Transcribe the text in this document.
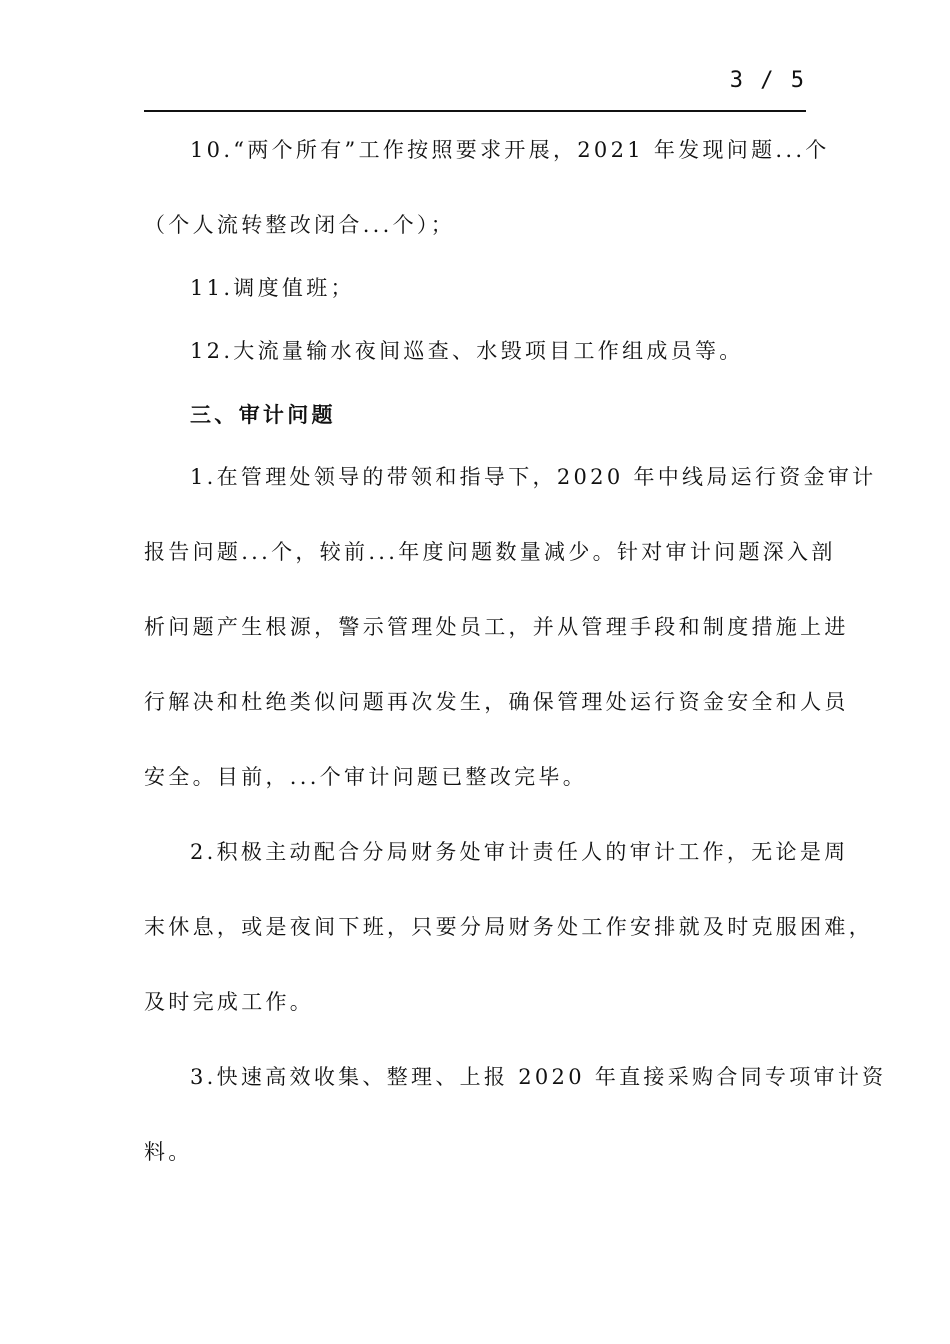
3 / 5
10.“两个所有”工作按照要求开展，2021 年发现问题...个
（个人流转整改闭合...个）；
11.调度值班；
12.大流量输水夜间巡查、水毁项目工作组成员等。
三、审计问题
1.在管理处领导的带领和指导下，2020 年中线局运行资金审计
报告问题...个，较前...年度问题数量减少。针对审计问题深入剖
析问题产生根源，警示管理处员工，并从管理手段和制度措施上进
行解决和杜绝类似问题再次发生，确保管理处运行资金安全和人员
安全。目前，...个审计问题已整改完毕。
2.积极主动配合分局财务处审计责任人的审计工作，无论是周
末休息，或是夜间下班，只要分局财务处工作安排就及时克服困难，
及时完成工作。
3.快速高效收集、整理、上报 2020 年直接采购合同专项审计资
料。
